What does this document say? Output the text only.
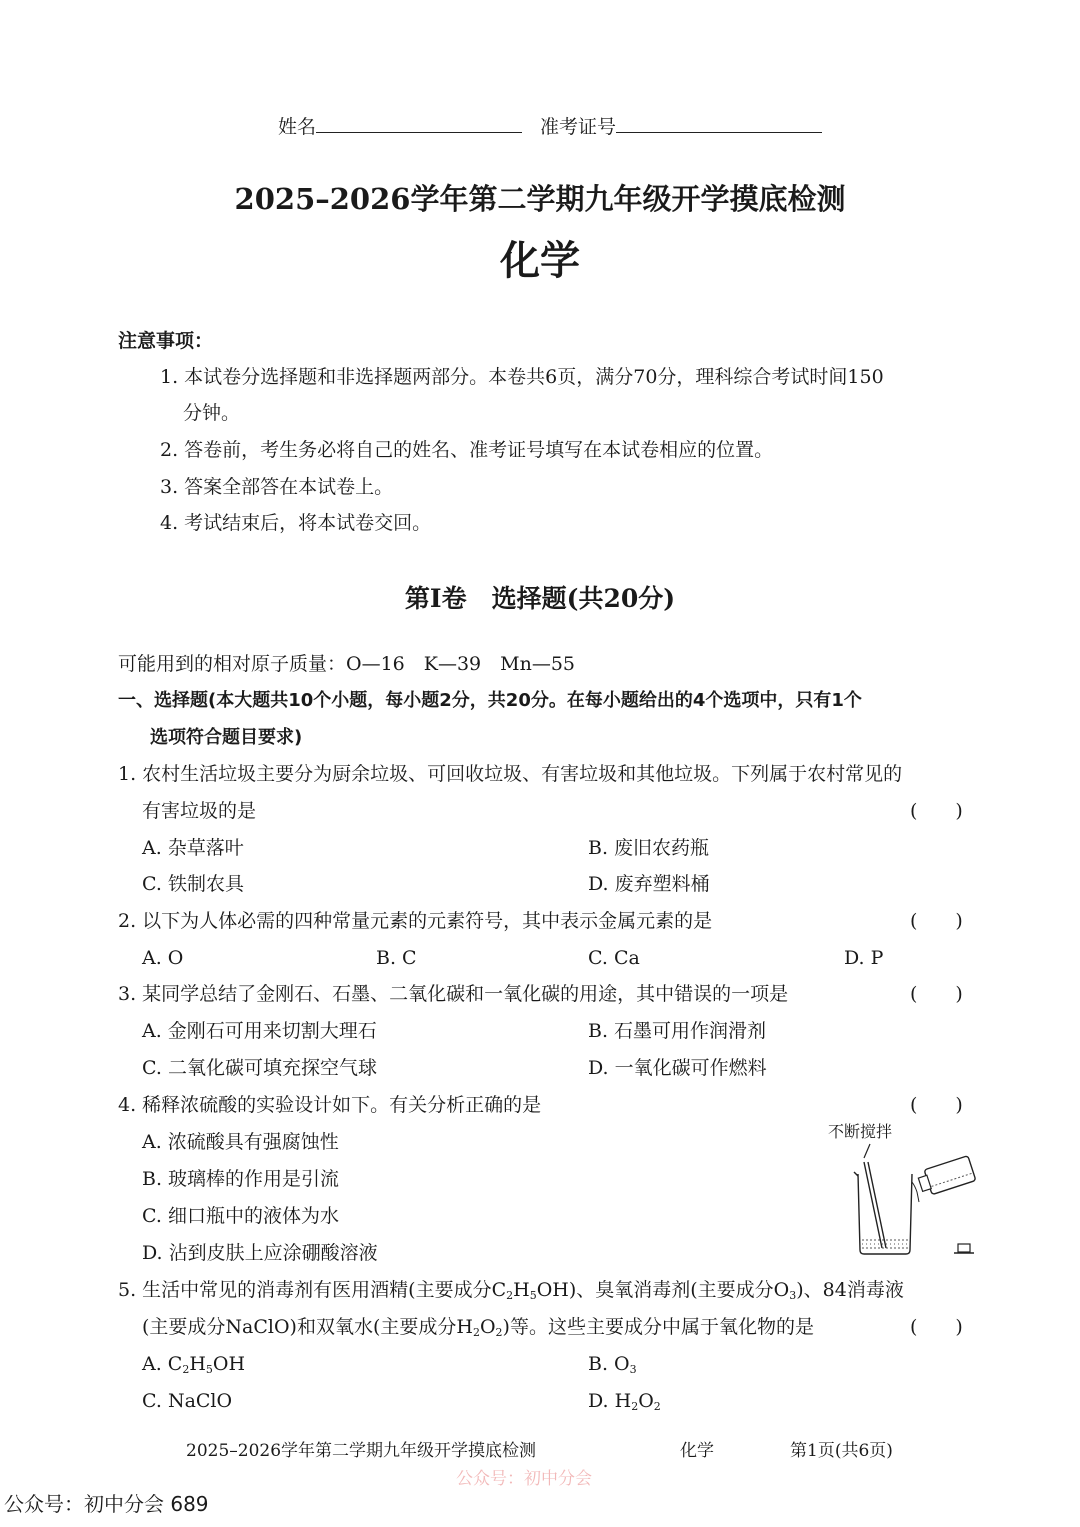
姓名	准考证号
2025–2026学年第二学期九年级开学摸底检测
化学
注意事项：
1. 本试卷分选择题和非选择题两部分。本卷共6页，满分70分，理科综合考试时间150
分钟。
2. 答卷前，考生务必将自己的姓名、准考证号填写在本试卷相应的位置。
3. 答案全部答在本试卷上。
4. 考试结束后，将本试卷交回。
第Ⅰ卷　选择题(共20分)
可能用到的相对原子质量：O—16　K—39　Mn—55
一、选择题(本大题共10个小题，每小题2分，共20分。在每小题给出的4个选项中，只有1个
选项符合题目要求)
1. 农村生活垃圾主要分为厨余垃圾、可回收垃圾、有害垃圾和其他垃圾。下列属于农村常见的
有害垃圾的是	(　　)
A. 杂草落叶	B. 废旧农药瓶
C. 铁制农具	D. 废弃塑料桶
2. 以下为人体必需的四种常量元素的元素符号，其中表示金属元素的是	(　　)
A. O	B. C	C. Ca	D. P
3. 某同学总结了金刚石、石墨、二氧化碳和一氧化碳的用途，其中错误的一项是	(　　)
A. 金刚石可用来切割大理石	B. 石墨可用作润滑剂
C. 二氧化碳可填充探空气球	D. 一氧化碳可作燃料
4. 稀释浓硫酸的实验设计如下。有关分析正确的是	(　　)
A. 浓硫酸具有强腐蚀性
B. 玻璃棒的作用是引流
C. 细口瓶中的液体为水
D. 沾到皮肤上应涂硼酸溶液
不断搅拌
5. 生活中常见的消毒剂有医用酒精(主要成分$C_2H_5OH$)、臭氧消毒剂(主要成分$O_3$)、84消毒液
(主要成分NaClO)和双氧水(主要成分$H_2O_2$)等。这些主要成分中属于氧化物的是	(　　)
A. $C_2H_5OH$	B. $O_3$
C. NaClO	D. $H_2O_2$
2025–2026学年第二学期九年级开学摸底检测	化学	第1页(共6页)
公众号：初中分会
公众号：初中分会 689
